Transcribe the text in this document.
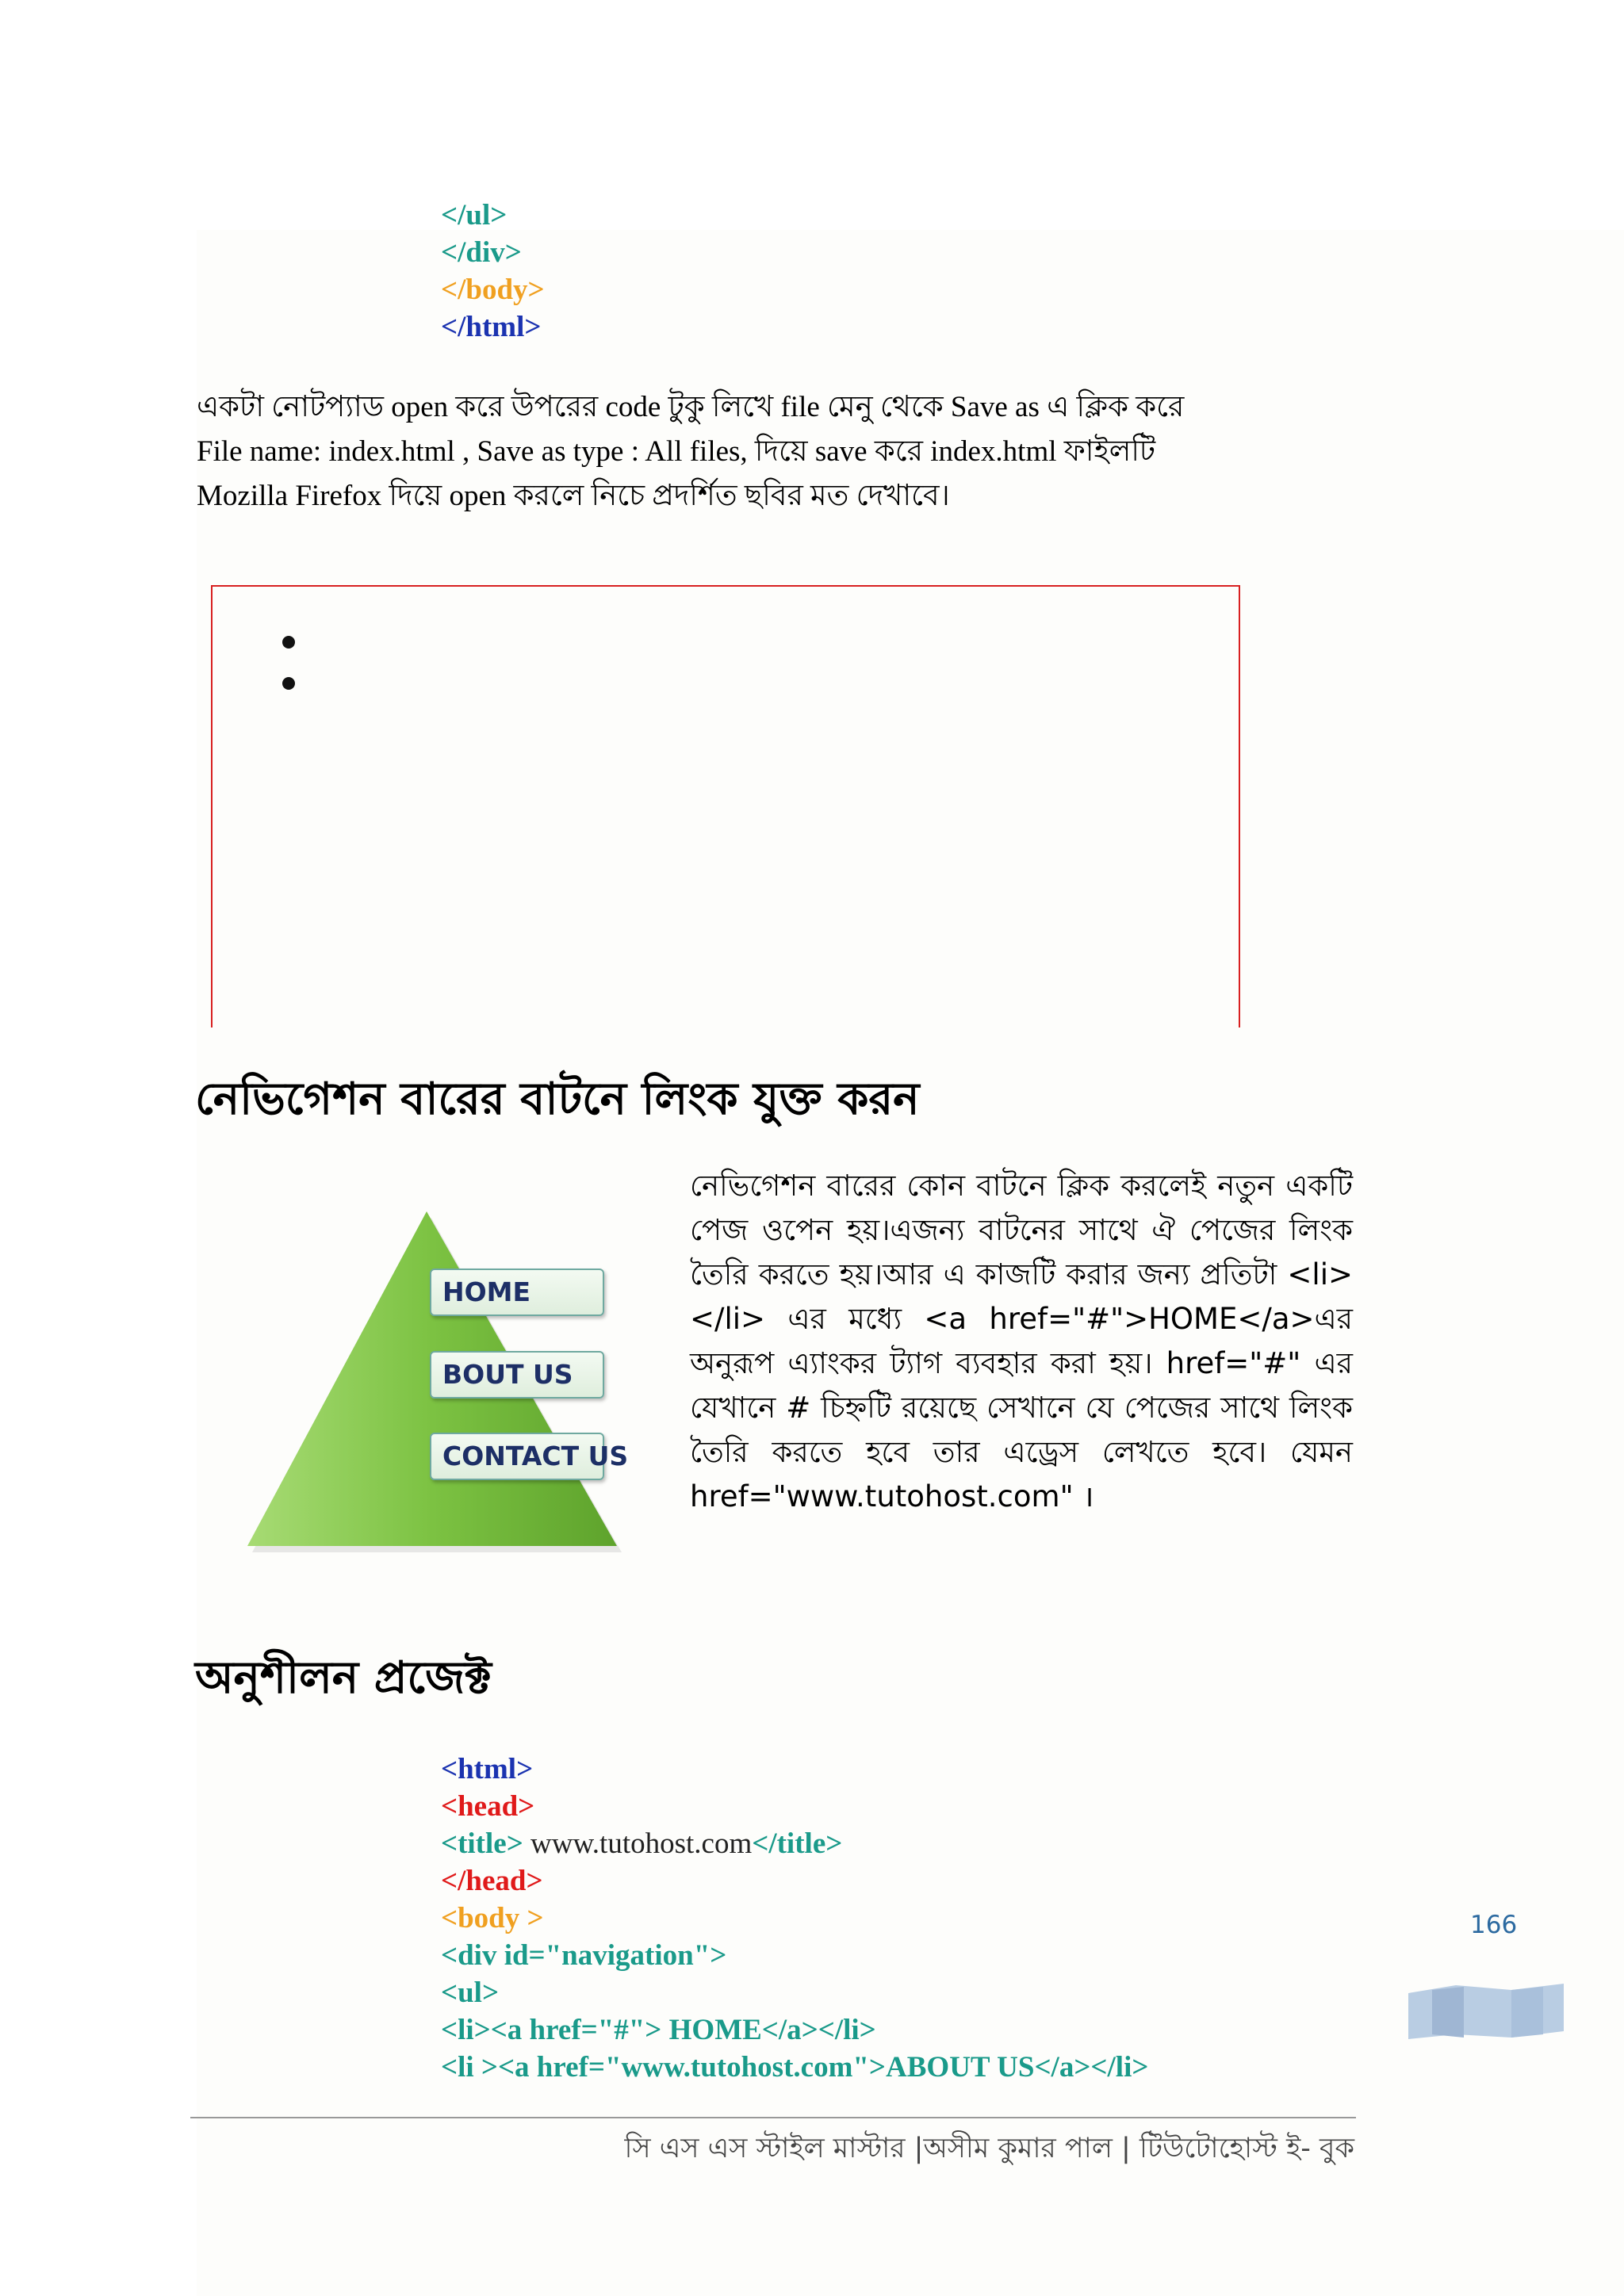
</ul>
</div>
</body>
</html>

একটা নোটপ্যাড open করে উপরের code টুকু লিখে file মেনু থেকে Save as এ ক্লিক করে

File name: index.html , Save as type : All files, দিয়ে save করে index.html ফাইলটি

Mozilla Firefox দিয়ে open করলে নিচে প্রদর্শিত ছবির মত দেখাবে।

নেভিগেশন বারের বাটনে লিংক যুক্ত করন
HOME
BOUT US
CONTACT US
নেভিগেশন বারের কোন বাটনে ক্লিক করলেই নতুন একটি পেজ ওপেন হয়।এজন্য বাটনের সাথে ঐ পেজের লিংক তৈরি করতে হয়।আর এ কাজটি করার জন্য প্রতিটা <li></li> এর মধ্যে <a href="#">HOME</a>এর অনুরূপ এ্যাংকর ট্যাগ ব্যবহার করা হয়। href="#" এর যেখানে # চিহ্নটি রয়েছে সেখানে যে পেজের সাথে লিংক তৈরি করতে হবে তার এড্রেস লেখতে হবে। যেমন href="www.tutohost.com" ।
অনুশীলন প্রজেক্ট
<html>
<head>
<title> www.tutohost.com</title>
</head>
<body >
<div id="navigation">
<ul>
<li><a href="#"> HOME</a></li>
<li ><a href="www.tutohost.com">ABOUT US</a></li>
166
সি এস এস স্টাইল মাস্টার |অসীম কুমার পাল | টিউটোহোস্ট ই- বুক
